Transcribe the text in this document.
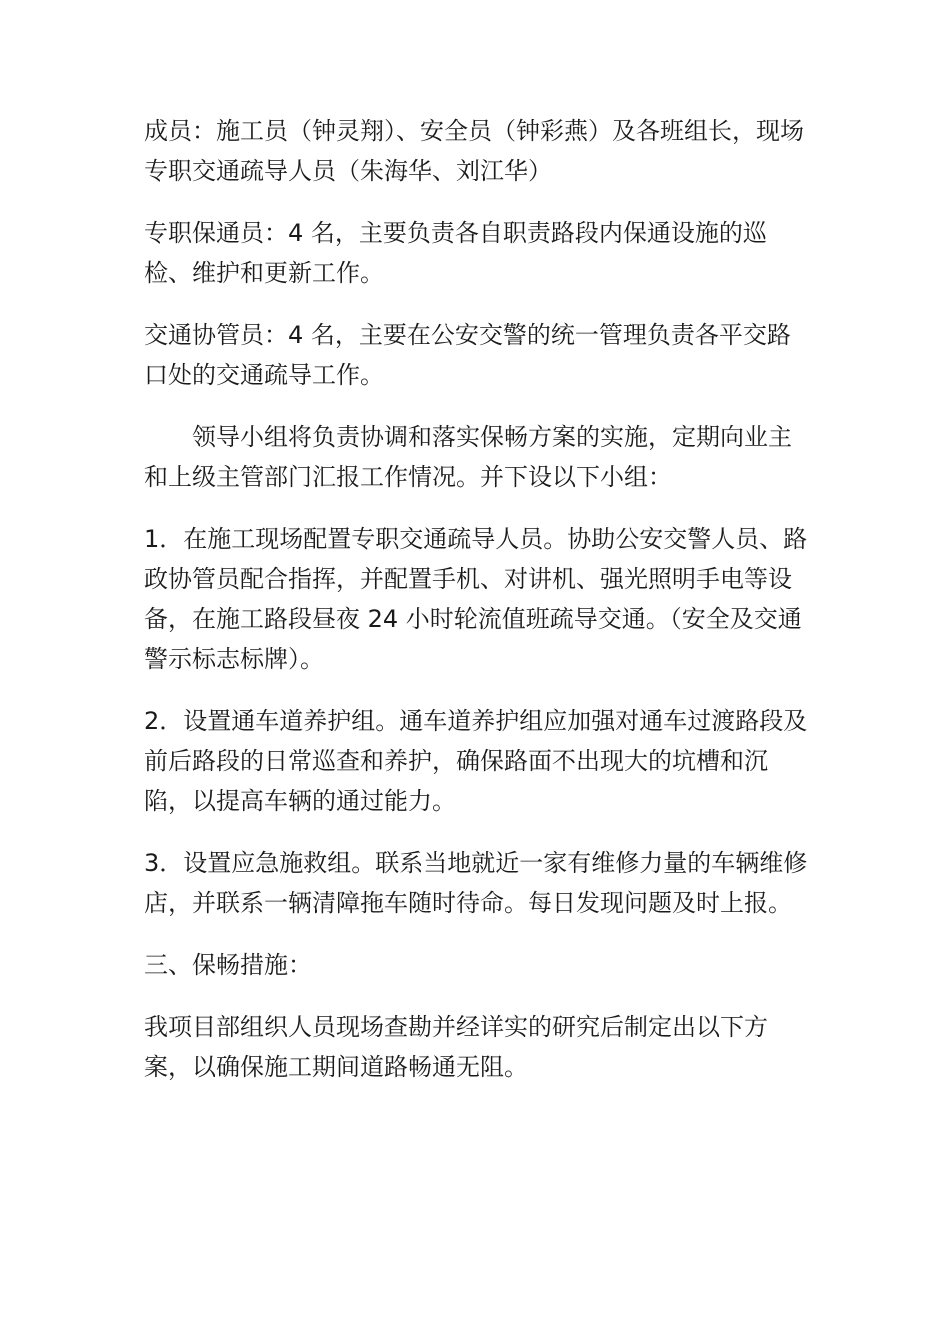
成员：施工员（钟灵翔）、安全员（钟彩燕）及各班组长，现场专职交通疏导人员（朱海华、刘江华）

专职保通员：4 名，主要负责各自职责路段内保通设施的巡检、维护和更新工作。

交通协管员：4 名，主要在公安交警的统一管理负责各平交路口处的交通疏导工作。

领导小组将负责协调和落实保畅方案的实施，定期向业主和上级主管部门汇报工作情况。并下设以下小组：

1．在施工现场配置专职交通疏导人员。协助公安交警人员、路政协管员配合指挥，并配置手机、对讲机、强光照明手电等设备，在施工路段昼夜 24 小时轮流值班疏导交通。（安全及交通警示标志标牌）。

2．设置通车道养护组。通车道养护组应加强对通车过渡路段及前后路段的日常巡查和养护，确保路面不出现大的坑槽和沉陷，以提高车辆的通过能力。

3．设置应急施救组。联系当地就近一家有维修力量的车辆维修店，并联系一辆清障拖车随时待命。每日发现问题及时上报。

三、保畅措施：

我项目部组织人员现场查勘并经详实的研究后制定出以下方案，以确保施工期间道路畅通无阻。
